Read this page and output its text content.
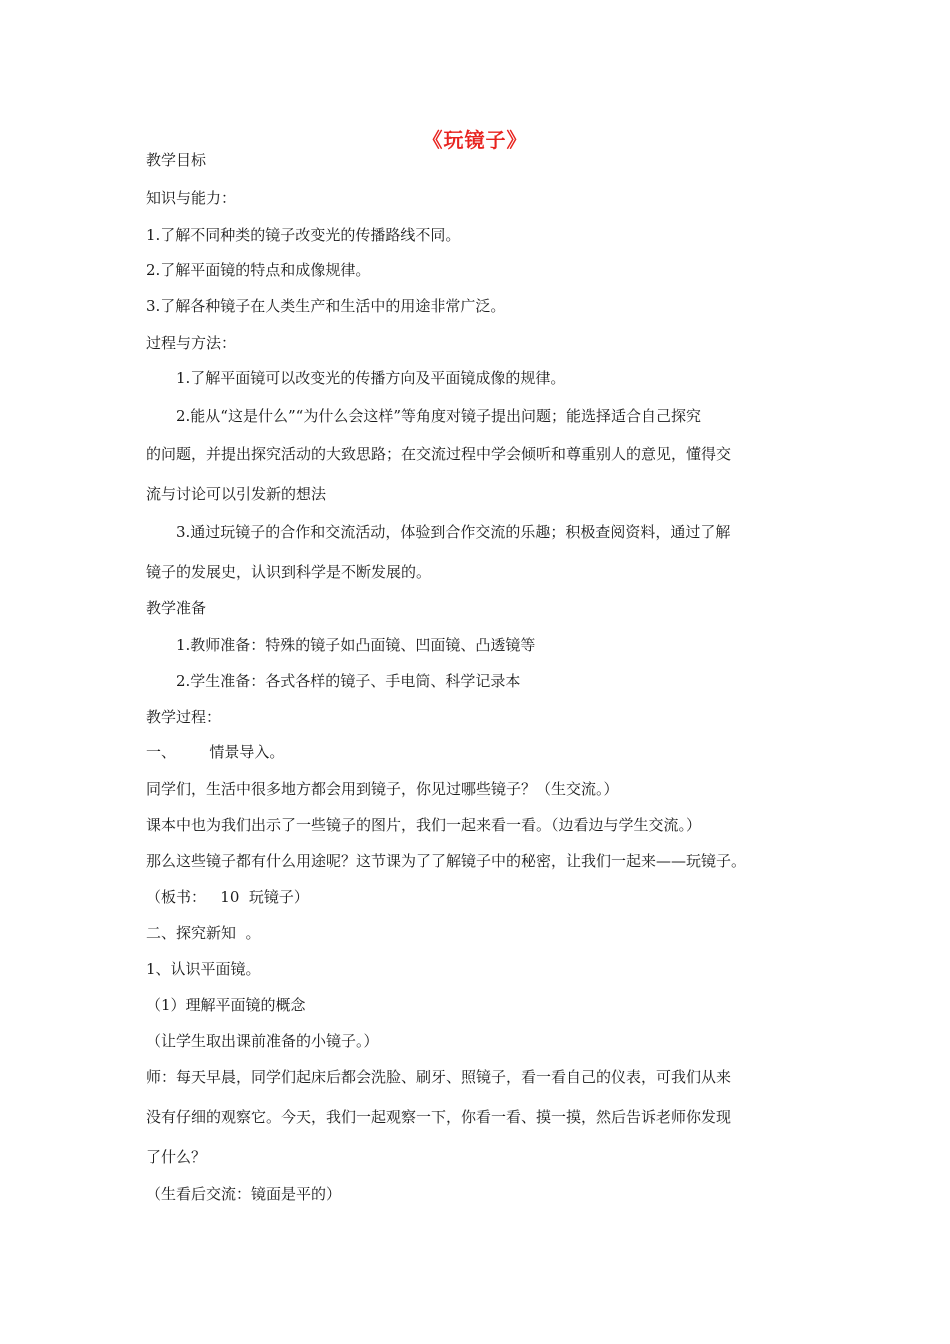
《玩镜子》
教学目标
知识与能力：
1.了解不同种类的镜子改变光的传播路线不同。
2.了解平面镜的特点和成像规律。
3.了解各种镜子在人类生产和生活中的用途非常广泛。
过程与方法：
1.了解平面镜可以改变光的传播方向及平面镜成像的规律。
2.能从“这是什么”“为什么会这样”等角度对镜子提出问题；能选择适合自己探究
的问题，并提出探究活动的大致思路；在交流过程中学会倾听和尊重别人的意见，懂得交
流与讨论可以引发新的想法
3.通过玩镜子的合作和交流活动，体验到合作交流的乐趣；积极查阅资料，通过了解
镜子的发展史，认识到科学是不断发展的。
教学准备
1.教师准备：特殊的镜子如凸面镜、凹面镜、凸透镜等
2.学生准备：各式各样的镜子、手电筒、科学记录本
教学过程：
一、       情景导入。
同学们，生活中很多地方都会用到镜子，你见过哪些镜子？（生交流。）
课本中也为我们出示了一些镜子的图片，我们一起来看一看。（边看边与学生交流。）
那么这些镜子都有什么用途呢？这节课为了了解镜子中的秘密，让我们一起来——玩镜子。
（板书：   10  玩镜子）
二、探究新知  。
1、认识平面镜。
（1）理解平面镜的概念
（让学生取出课前准备的小镜子。）
师：每天早晨，同学们起床后都会洗脸、刷牙、照镜子，看一看自己的仪表，可我们从来
没有仔细的观察它。今天，我们一起观察一下，你看一看、摸一摸，然后告诉老师你发现
了什么？
（生看后交流：镜面是平的）
